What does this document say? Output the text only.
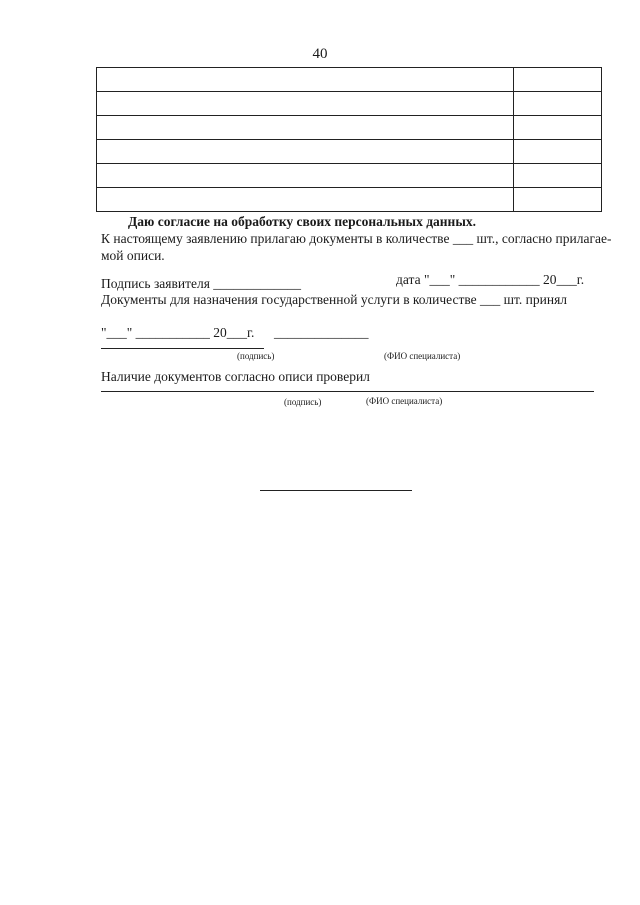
40

Даю согласие на обработку своих персональных данных.
К настоящему заявлению прилагаю документы в количестве ___ шт., согласно прилагае-
мой описи.
Подпись заявителя _____________	дата "___" ____________ 20___г.
Документы для назначения государственной услуги в количестве ___ шт. принял
"___" ___________ 20___г. ______________
(подпись)	(ФИО специалиста)
Наличие документов согласно описи проверил
(подпись)	(ФИО специалиста)
